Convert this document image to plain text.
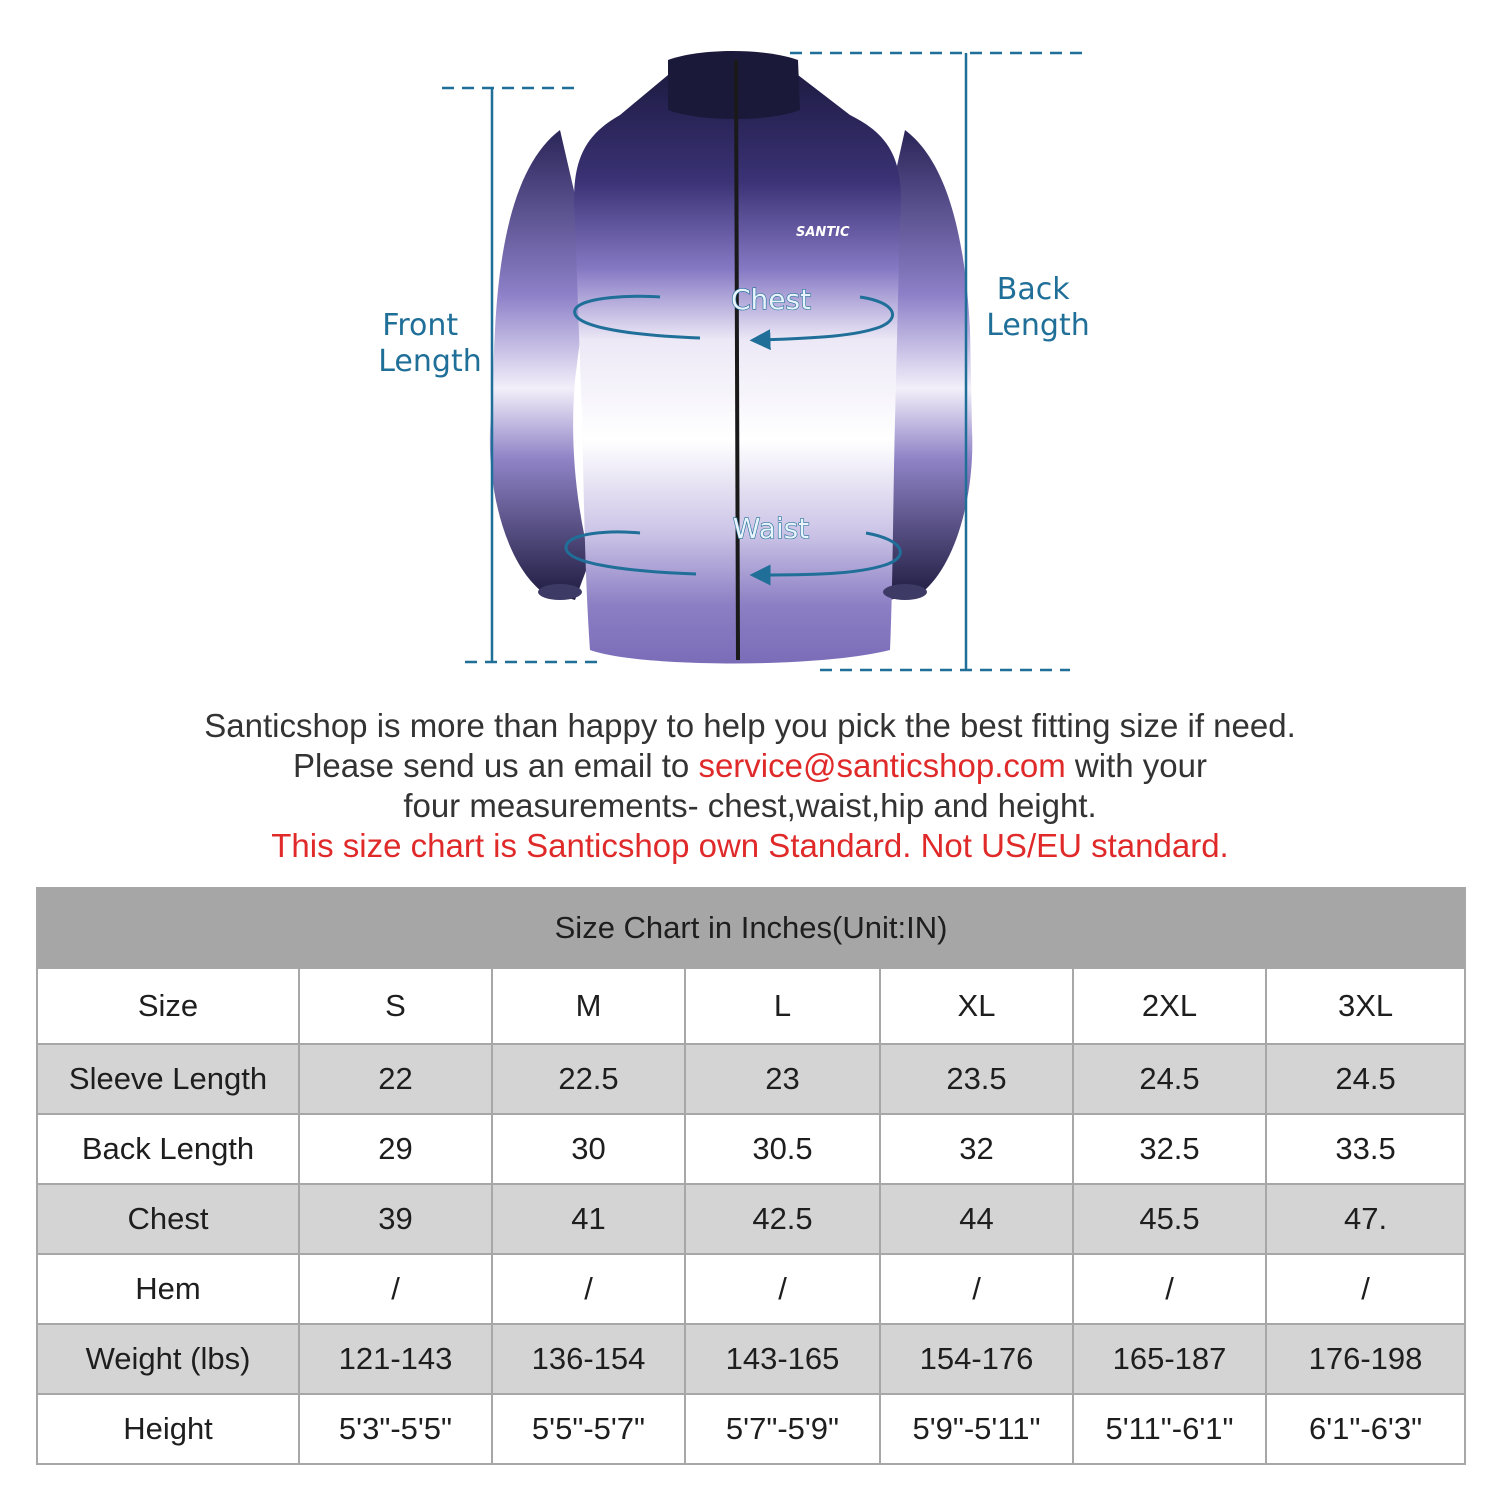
SANTIC
Front Length
Back Length
Chest
Waist
Santicshop is more than happy to help you pick the best fitting size if need.
Please send us an email to service@santicshop.com with your
four measurements- chest,waist,hip and height.
This size chart is Santicshop own Standard. Not US/EU standard.
Size Chart in Inches(Unit:IN)						
Size	S	M	L	XL	2XL	3XL
Sleeve Length	22	22.5	23	23.5	24.5	24.5
Back Length	29	30	30.5	32	32.5	33.5
Chest	39	41	42.5	44	45.5	47.
Hem	/	/	/	/	/	/
Weight (lbs)	121-143	136-154	143-165	154-176	165-187	176-198
Height	5'3"-5'5"	5'5"-5'7"	5'7"-5'9"	5'9"-5'11"	5'11"-6'1"	6'1"-6'3"
